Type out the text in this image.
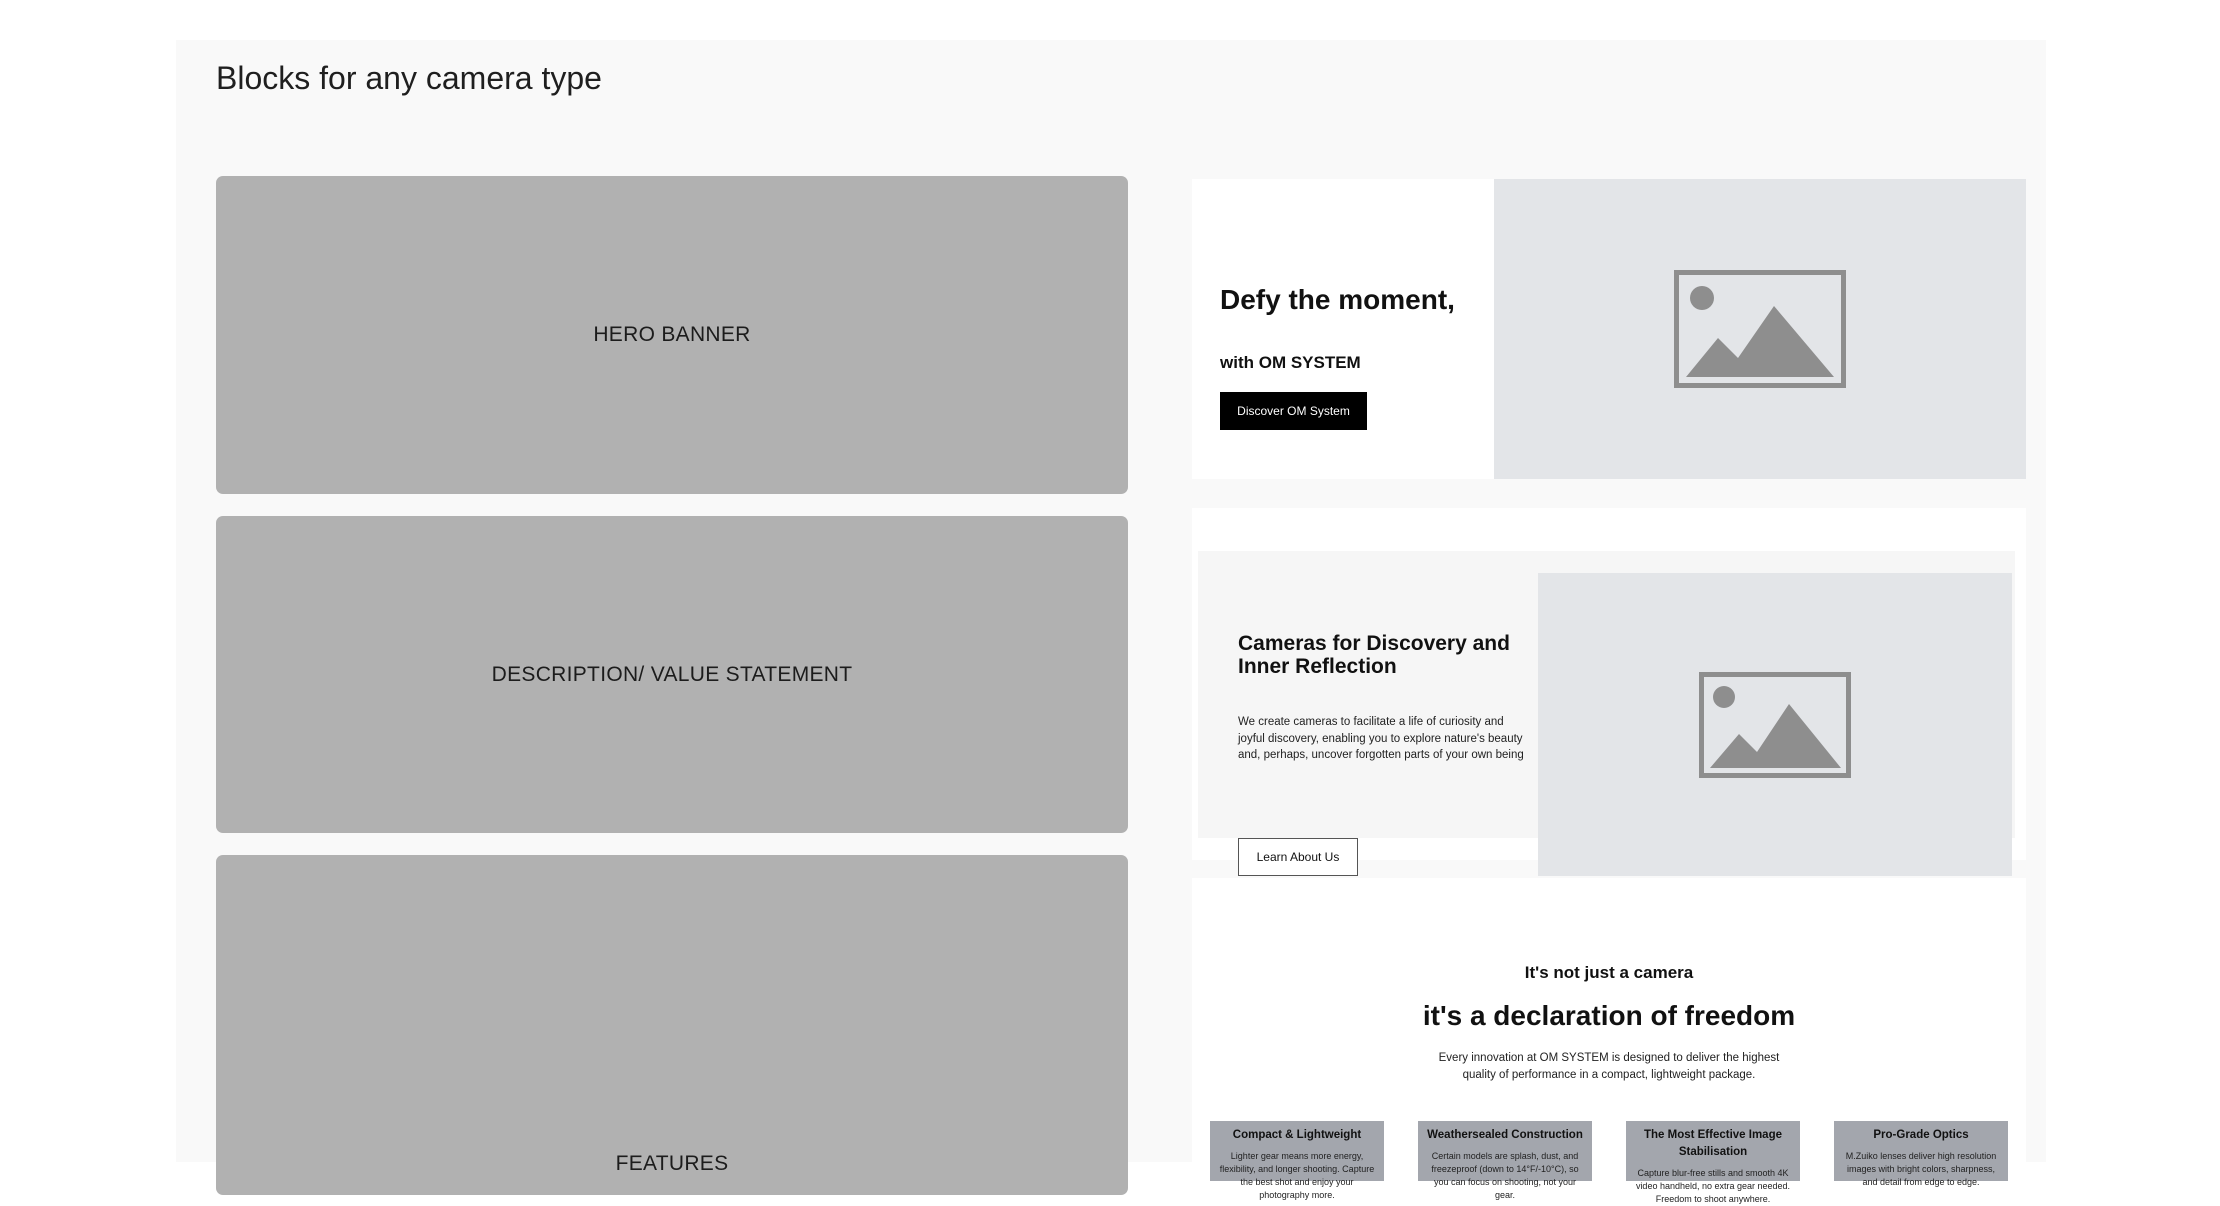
Blocks for any camera type
HERO BANNER
DESCRIPTION/ VALUE STATEMENT
FEATURES
Defy the moment,
with OM SYSTEM
Discover OM System
Cameras for Discovery and Inner Reflection

We create cameras to facilitate a life of curiosity and joyful discovery, enabling you to explore nature's beauty and, perhaps, uncover forgotten parts of your own being

Learn About Us
It's not just a camera
it's a declaration of freedom

Every innovation at OM SYSTEM is designed to deliver the highest quality of performance in a compact, lightweight package.

Compact & Lightweight
Lighter gear means more energy, flexibility, and longer shooting. Capture the best shot and enjoy your photography more.
Weathersealed Construction
Certain models are splash, dust, and freezeproof (down to 14°F/-10°C), so you can focus on shooting, not your gear.
The Most Effective Image Stabilisation
Capture blur-free stills and smooth 4K video handheld, no extra gear needed. Freedom to shoot anywhere.
Pro-Grade Optics
M.Zuiko lenses deliver high resolution images with bright colors, sharpness, and detail from edge to edge.
